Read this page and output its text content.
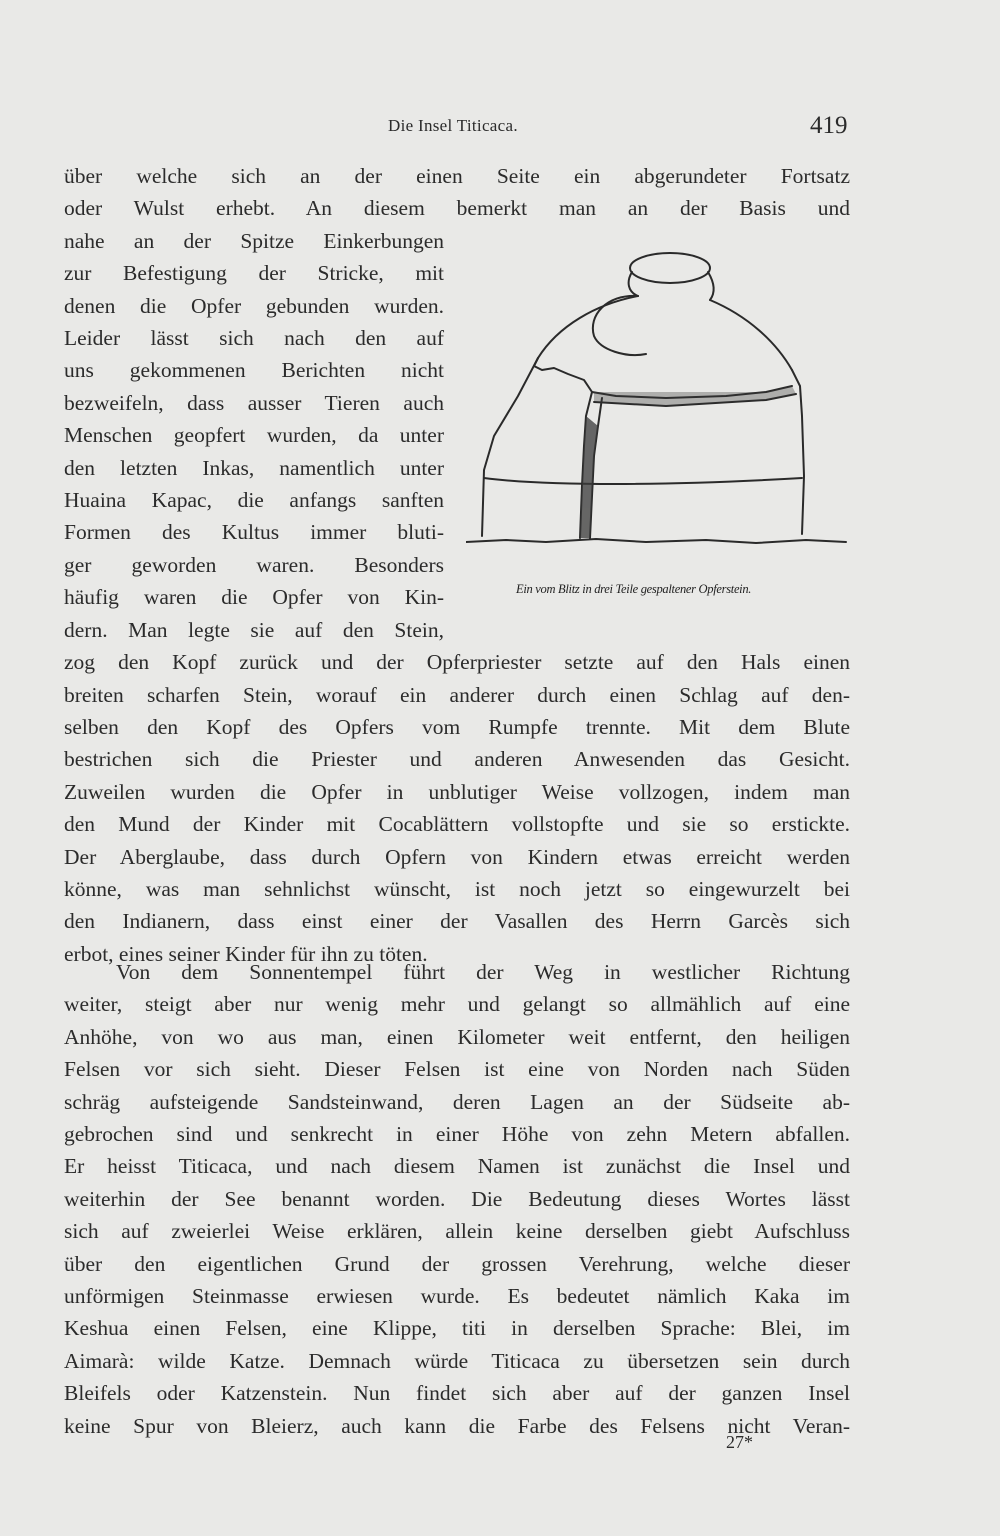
Die Insel Titicaca.	419
über welche sich an der einen Seite ein abgerundeter Fortsatz
oder Wulst erhebt. An diesem bemerkt man an der Basis und
nahe an der Spitze Einkerbungen
zur Befestigung der Stricke, mit
denen die Opfer gebunden wurden.
Leider lässt sich nach den auf
uns gekommenen Berichten nicht
bezweifeln, dass ausser Tieren auch
Menschen geopfert wurden, da unter
den letzten Inkas, namentlich unter
Huaina Kapac, die anfangs sanften
Formen des Kultus immer bluti-
ger geworden waren. Besonders
häufig waren die Opfer von Kin-
dern. Man legte sie auf den Stein,
zog den Kopf zurück und der Opferpriester setzte auf den Hals einen
breiten scharfen Stein, worauf ein anderer durch einen Schlag auf den-
selben den Kopf des Opfers vom Rumpfe trennte. Mit dem Blute
bestrichen sich die Priester und anderen Anwesenden das Gesicht.
Zuweilen wurden die Opfer in unblutiger Weise vollzogen, indem man
den Mund der Kinder mit Cocablättern vollstopfte und sie so erstickte.
Der Aberglaube, dass durch Opfern von Kindern etwas erreicht werden
könne, was man sehnlichst wünscht, ist noch jetzt so eingewurzelt bei
den Indianern, dass einst einer der Vasallen des Herrn Garcès sich
erbot, eines seiner Kinder für ihn zu töten.
Ein vom Blitz in drei Teile gespaltener Opferstein.
Von dem Sonnentempel führt der Weg in westlicher Richtung
weiter, steigt aber nur wenig mehr und gelangt so allmählich auf eine
Anhöhe, von wo aus man, einen Kilometer weit entfernt, den heiligen
Felsen vor sich sieht. Dieser Felsen ist eine von Norden nach Süden
schräg aufsteigende Sandsteinwand, deren Lagen an der Südseite ab-
gebrochen sind und senkrecht in einer Höhe von zehn Metern abfallen.
Er heisst Titicaca, und nach diesem Namen ist zunächst die Insel und
weiterhin der See benannt worden. Die Bedeutung dieses Wortes lässt
sich auf zweierlei Weise erklären, allein keine derselben giebt Aufschluss
über den eigentlichen Grund der grossen Verehrung, welche dieser
unförmigen Steinmasse erwiesen wurde. Es bedeutet nämlich Kaka im
Keshua einen Felsen, eine Klippe, titi in derselben Sprache: Blei, im
Aimarà: wilde Katze. Demnach würde Titicaca zu übersetzen sein durch
Bleifels oder Katzenstein. Nun findet sich aber auf der ganzen Insel
keine Spur von Bleierz, auch kann die Farbe des Felsens nicht Veran-
27*
